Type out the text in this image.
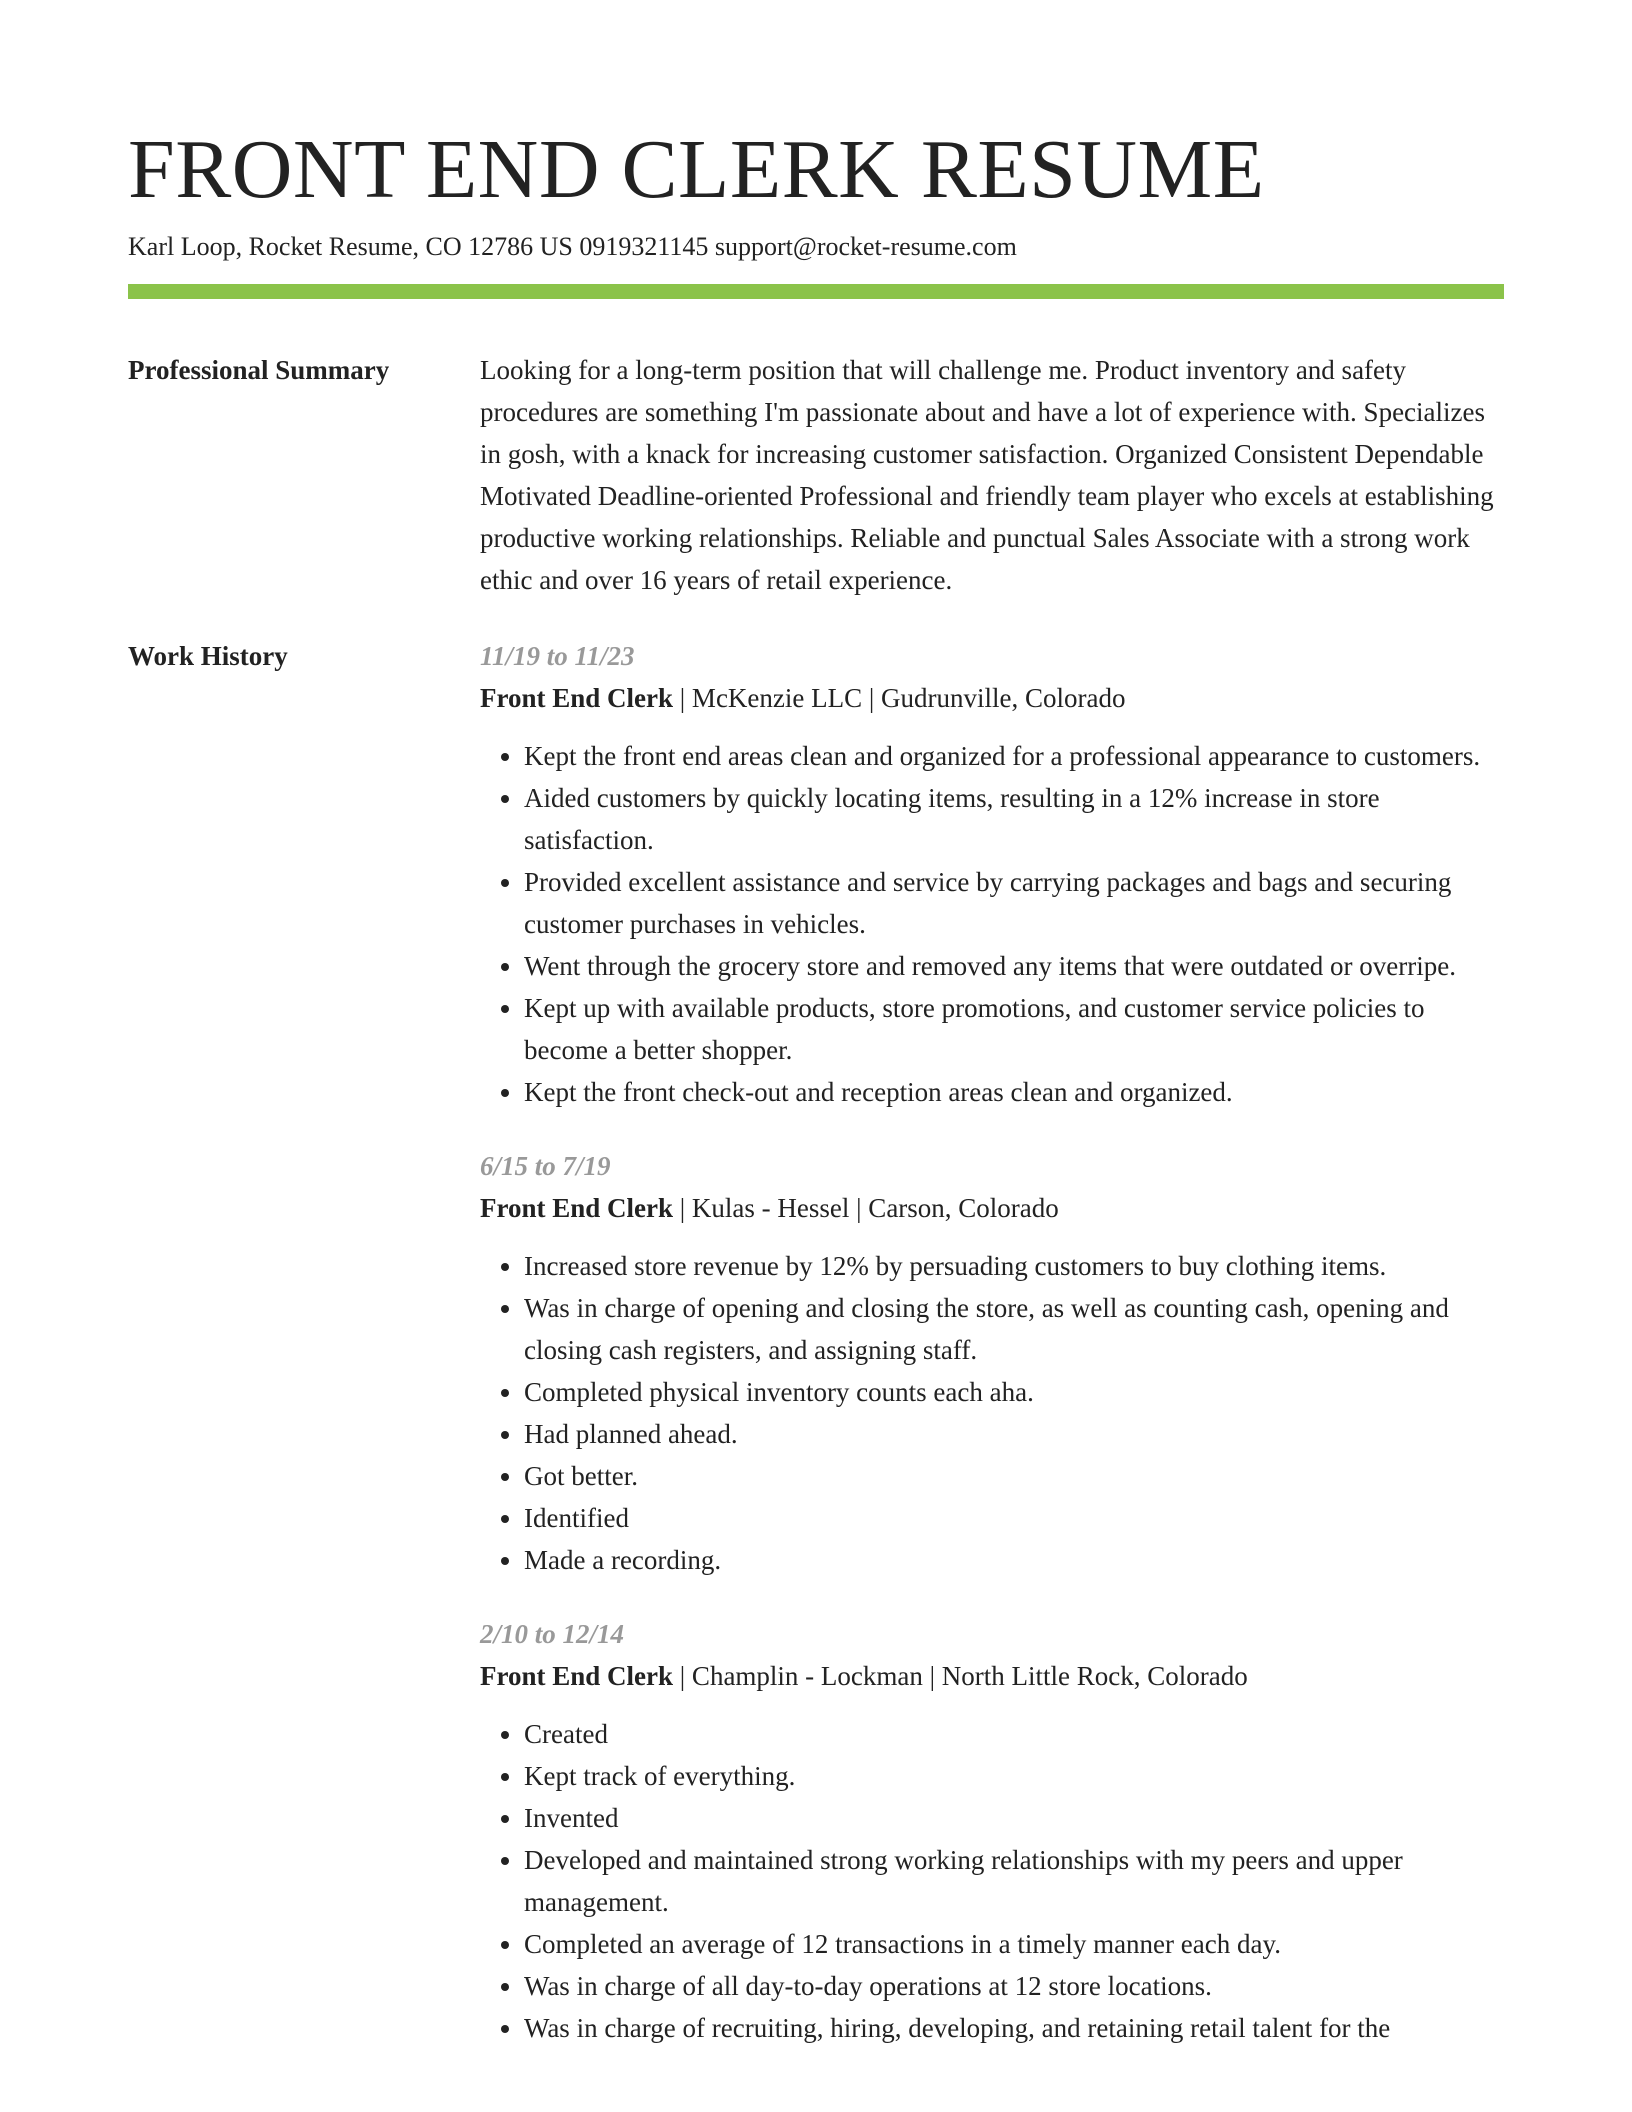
FRONT END CLERK RESUME
Karl Loop, Rocket Resume, CO 12786 US 0919321145 support@rocket-resume.com
Professional Summary	Looking for a long-term position that will challenge me. Product inventory and safety procedures are something I'm passionate about and have a lot of experience with. Specializes in gosh, with a knack for increasing customer satisfaction. Organized Consistent Dependable Motivated Deadline-oriented Professional and friendly team player who excels at establishing productive working relationships. Reliable and punctual Sales Associate with a strong work ethic and over 16 years of retail experience.

Work History	11/19 to 11/23
Front End Clerk | McKenzie LLC | Gudrunville, Colorado
• Kept the front end areas clean and organized for a professional appearance to customers.
• Aided customers by quickly locating items, resulting in a 12% increase in store satisfaction.
• Provided excellent assistance and service by carrying packages and bags and securing customer purchases in vehicles.
• Went through the grocery store and removed any items that were outdated or overripe.
• Kept up with available products, store promotions, and customer service policies to become a better shopper.
• Kept the front check-out and reception areas clean and organized.
6/15 to 7/19
Front End Clerk | Kulas - Hessel | Carson, Colorado
• Increased store revenue by 12% by persuading customers to buy clothing items.
• Was in charge of opening and closing the store, as well as counting cash, opening and closing cash registers, and assigning staff.
• Completed physical inventory counts each aha.
• Had planned ahead.
• Got better.
• Identified
• Made a recording.
2/10 to 12/14
Front End Clerk | Champlin - Lockman | North Little Rock, Colorado
• Created
• Kept track of everything.
• Invented
• Developed and maintained strong working relationships with my peers and upper management.
• Completed an average of 12 transactions in a timely manner each day.
• Was in charge of all day-to-day operations at 12 store locations.
• Was in charge of recruiting, hiring, developing, and retaining retail talent for the
